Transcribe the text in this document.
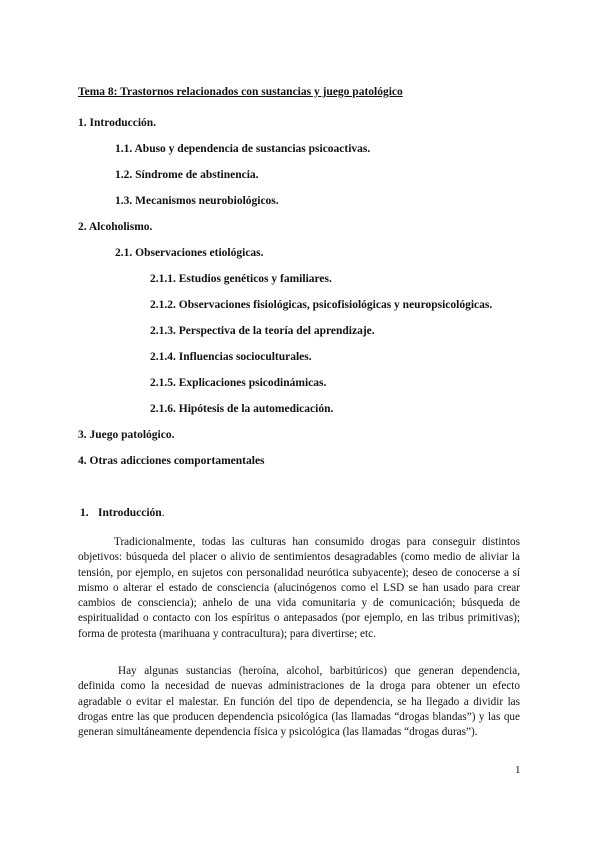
Tema 8: Trastornos relacionados con sustancias y juego patológico
1. Introducción.
1.1. Abuso y dependencia de sustancias psicoactivas.
1.2. Síndrome de abstinencia.
1.3. Mecanismos neurobiológicos.
2. Alcoholismo.
2.1. Observaciones etiológicas.
2.1.1. Estudios genéticos y familiares.
2.1.2. Observaciones fisiológicas, psicofisiológicas y neuropsicológicas.
2.1.3. Perspectiva de la teoría del aprendizaje.
2.1.4. Influencias socioculturales.
2.1.5. Explicaciones psicodinámicas.
2.1.6. Hipótesis de la automedicación.
3. Juego patológico.
4. Otras adicciones comportamentales
1. Introducción.

Tradicionalmente, todas las culturas han consumido drogas para conseguir distintos objetivos: búsqueda del placer o alivio de sentimientos desagradables (como medio de aliviar la tensión, por ejemplo, en sujetos con personalidad neurótica subyacente); deseo de conocerse a sí mismo o alterar el estado de consciencia (alucinógenos como el LSD se han usado para crear cambios de consciencia); anhelo de una vida comunitaria y de comunicación; búsqueda de espiritualidad o contacto con los espíritus o antepasados (por ejemplo, en las tribus primitivas); forma de protesta (marihuana y contracultura); para divertirse; etc.

Hay algunas sustancias (heroína, alcohol, barbitúricos) que generan dependencia, definida como la necesidad de nuevas administraciones de la droga para obtener un efecto agradable o evitar el malestar. En función del tipo de dependencia, se ha llegado a dividir las drogas entre las que producen dependencia psicológica (las llamadas “drogas blandas”) y las que generan simultáneamente dependencia física y psicológica (las llamadas “drogas duras”).

1
